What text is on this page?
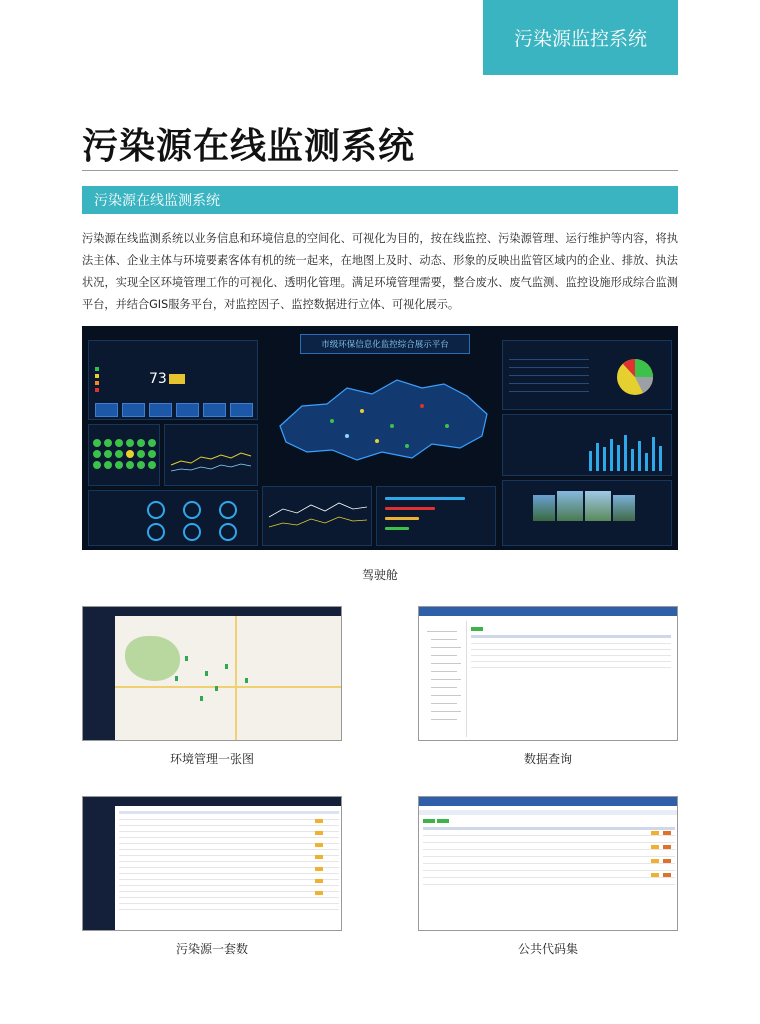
污染源监控系统
污染源在线监测系统
污染源在线监测系统

污染源在线监测系统以业务信息和环境信息的空间化、可视化为目的，按在线监控、污染源管理、运行维护等内容，将执法主体、企业主体与环境要素客体有机的统一起来，在地图上及时、动态、形象的反映出监管区域内的企业、排放、执法状况，实现全区环境管理工作的可视化、透明化管理。满足环境管理需要，整合废水、废气监测、监控设施形成综合监测平台，并结合GIS服务平台，对监控因子、监控数据进行立体、可视化展示。

市级环保信息化监控综合展示平台
73
驾驶舱
环境管理一张图	数据查询
污染源一套数	公共代码集
